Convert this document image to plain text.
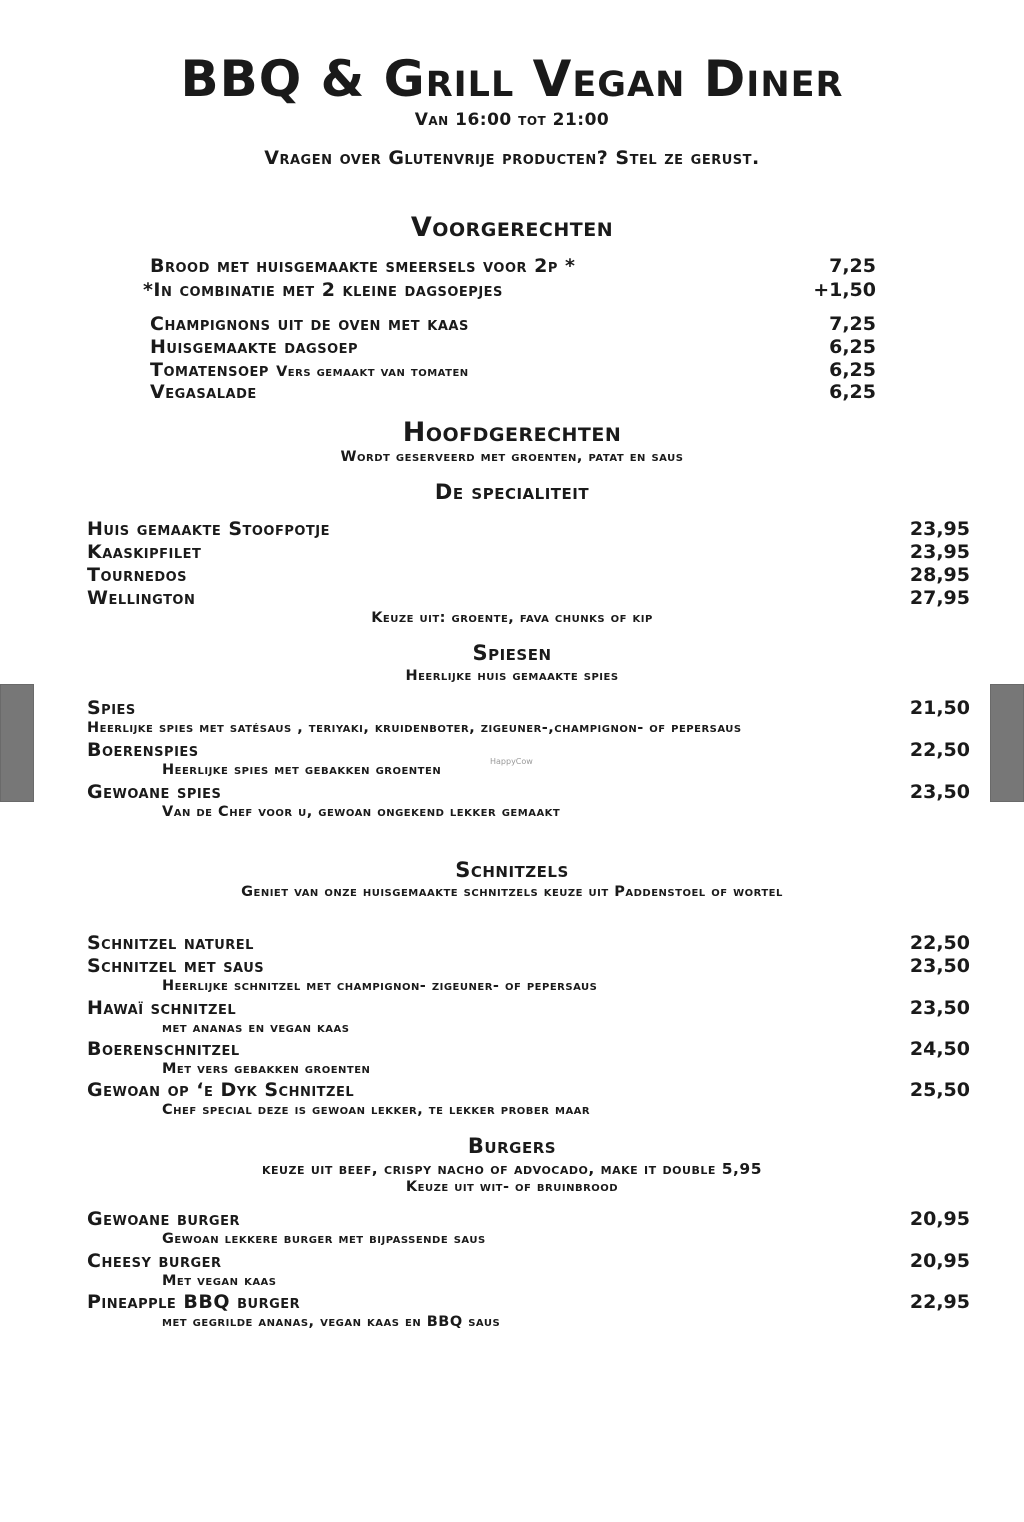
BBQ & Grill Vegan Diner
Van 16:00 tot 21:00
Vragen over Glutenvrije producten? Stel ze gerust.
Voorgerechten
Brood met huisgemaakte smeersels voor 2p *	7,25
*In combinatie met 2 kleine dagsoepjes	+1,50
Champignons uit de oven met kaas	7,25
Huisgemaakte dagsoep	6,25
Tomatensoep Vers gemaakt van tomaten	6,25
Vegasalade	6,25
Hoofdgerechten
Wordt geserveerd met groenten, patat en saus
De specialiteit
Huis gemaakte Stoofpotje	23,95
Kaaskipfilet	23,95
Tournedos	28,95
Wellington	27,95
Keuze uit: groente, fava chunks of kip
Spiesen
Heerlijke huis gemaakte spies
Spies	21,50
Heerlijke spies met satésaus , teriyaki, kruidenboter, zigeuner-,champignon- of pepersaus
Boerenspies	22,50
Heerlijke spies met gebakken groenten
HappyCow
Gewoane spies	23,50
Van de Chef voor u, gewoan ongekend lekker gemaakt
Schnitzels
Geniet van onze huisgemaakte schnitzels keuze uit Paddenstoel of wortel
Schnitzel naturel	22,50
Schnitzel met saus	23,50
Heerlijke schnitzel met champignon- zigeuner- of pepersaus
Hawaï schnitzel	23,50
met ananas en vegan kaas
Boerenschnitzel	24,50
Met vers gebakken groenten
Gewoan op ‘e Dyk Schnitzel	25,50
Chef special deze is gewoan lekker, te lekker prober maar
Burgers
keuze uit beef, crispy nacho of advocado, make it double 5,95
Keuze uit wit- of bruinbrood
Gewoane burger	20,95
Gewoan lekkere burger met bijpassende saus
Cheesy burger	20,95
Met vegan kaas
Pineapple BBQ burger	22,95
met gegrilde ananas, vegan kaas en BBQ saus
